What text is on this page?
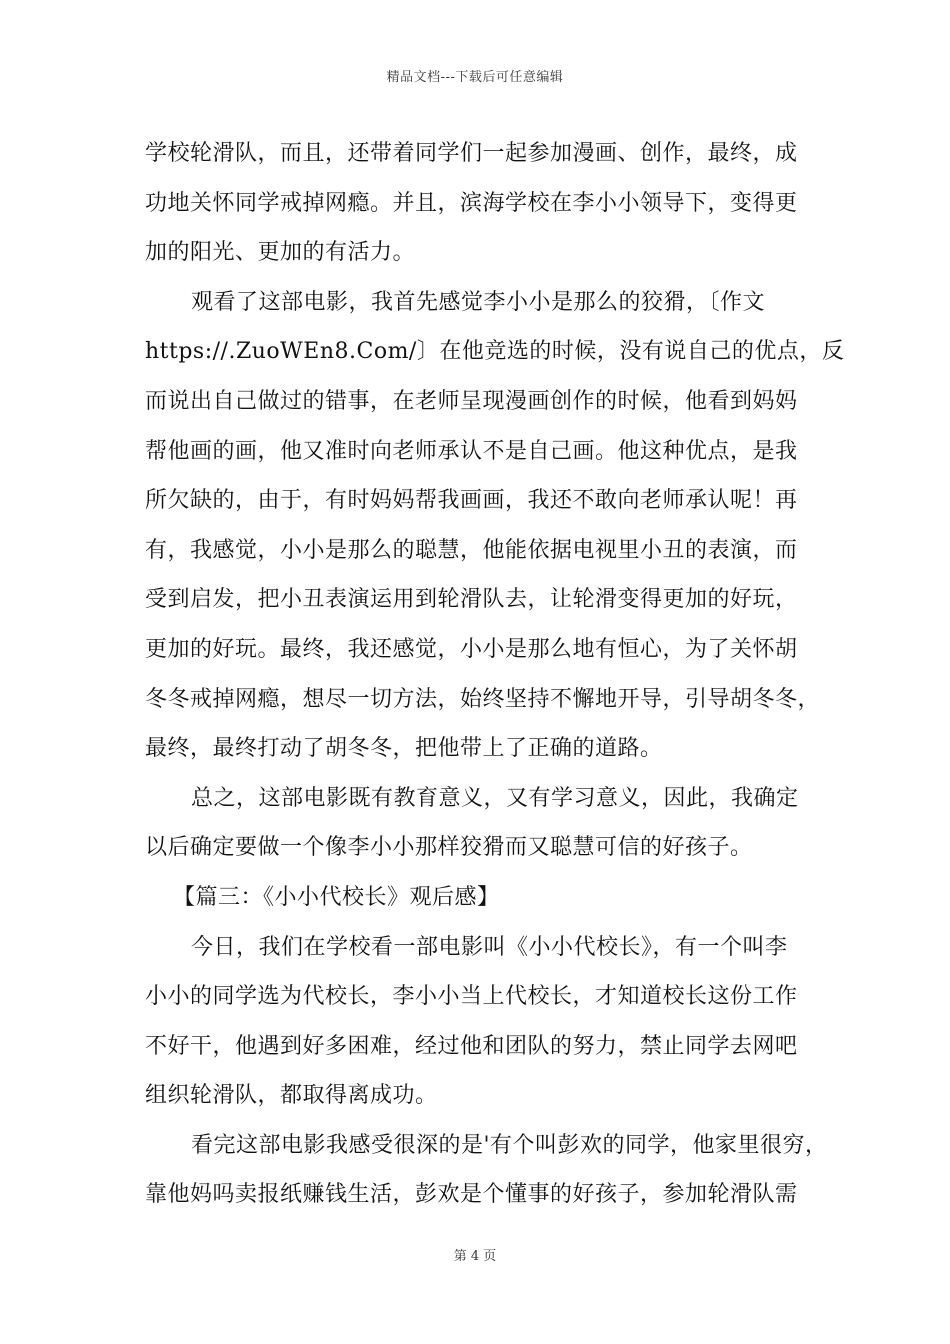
精品文档---下载后可任意编辑
学校轮滑队，而且，还带着同学们一起参加漫画、创作，最终，成
功地关怀同学戒掉网瘾。并且，滨海学校在李小小领导下，变得更
加的阳光、更加的有活力。
观看了这部电影，我首先感觉李小小是那么的狡猾，〔作文
https://.ZuoWEn8.Com/〕在他竞选的时候，没有说自己的优点，反
而说出自己做过的错事，在老师呈现漫画创作的时候，他看到妈妈
帮他画的画，他又准时向老师承认不是自己画。他这种优点，是我
所欠缺的，由于，有时妈妈帮我画画，我还不敢向老师承认呢！再
有，我感觉，小小是那么的聪慧，他能依据电视里小丑的表演，而
受到启发，把小丑表演运用到轮滑队去，让轮滑变得更加的好玩，
更加的好玩。最终，我还感觉，小小是那么地有恒心，为了关怀胡
冬冬戒掉网瘾，想尽一切方法，始终坚持不懈地开导，引导胡冬冬，
最终，最终打动了胡冬冬，把他带上了正确的道路。
总之，这部电影既有教育意义，又有学习意义，因此，我确定
以后确定要做一个像李小小那样狡猾而又聪慧可信的好孩子。
【篇三：《小小代校长》观后感】
今日，我们在学校看一部电影叫《小小代校长》，有一个叫李
小小的同学选为代校长，李小小当上代校长，才知道校长这份工作
不好干，他遇到好多困难，经过他和团队的努力，禁止同学去网吧
组织轮滑队，都取得离成功。
看完这部电影我感受很深的是'有个叫彭欢的同学，他家里很穷，
靠他妈吗卖报纸赚钱生活，彭欢是个懂事的好孩子，参加轮滑队需
第 4 页
